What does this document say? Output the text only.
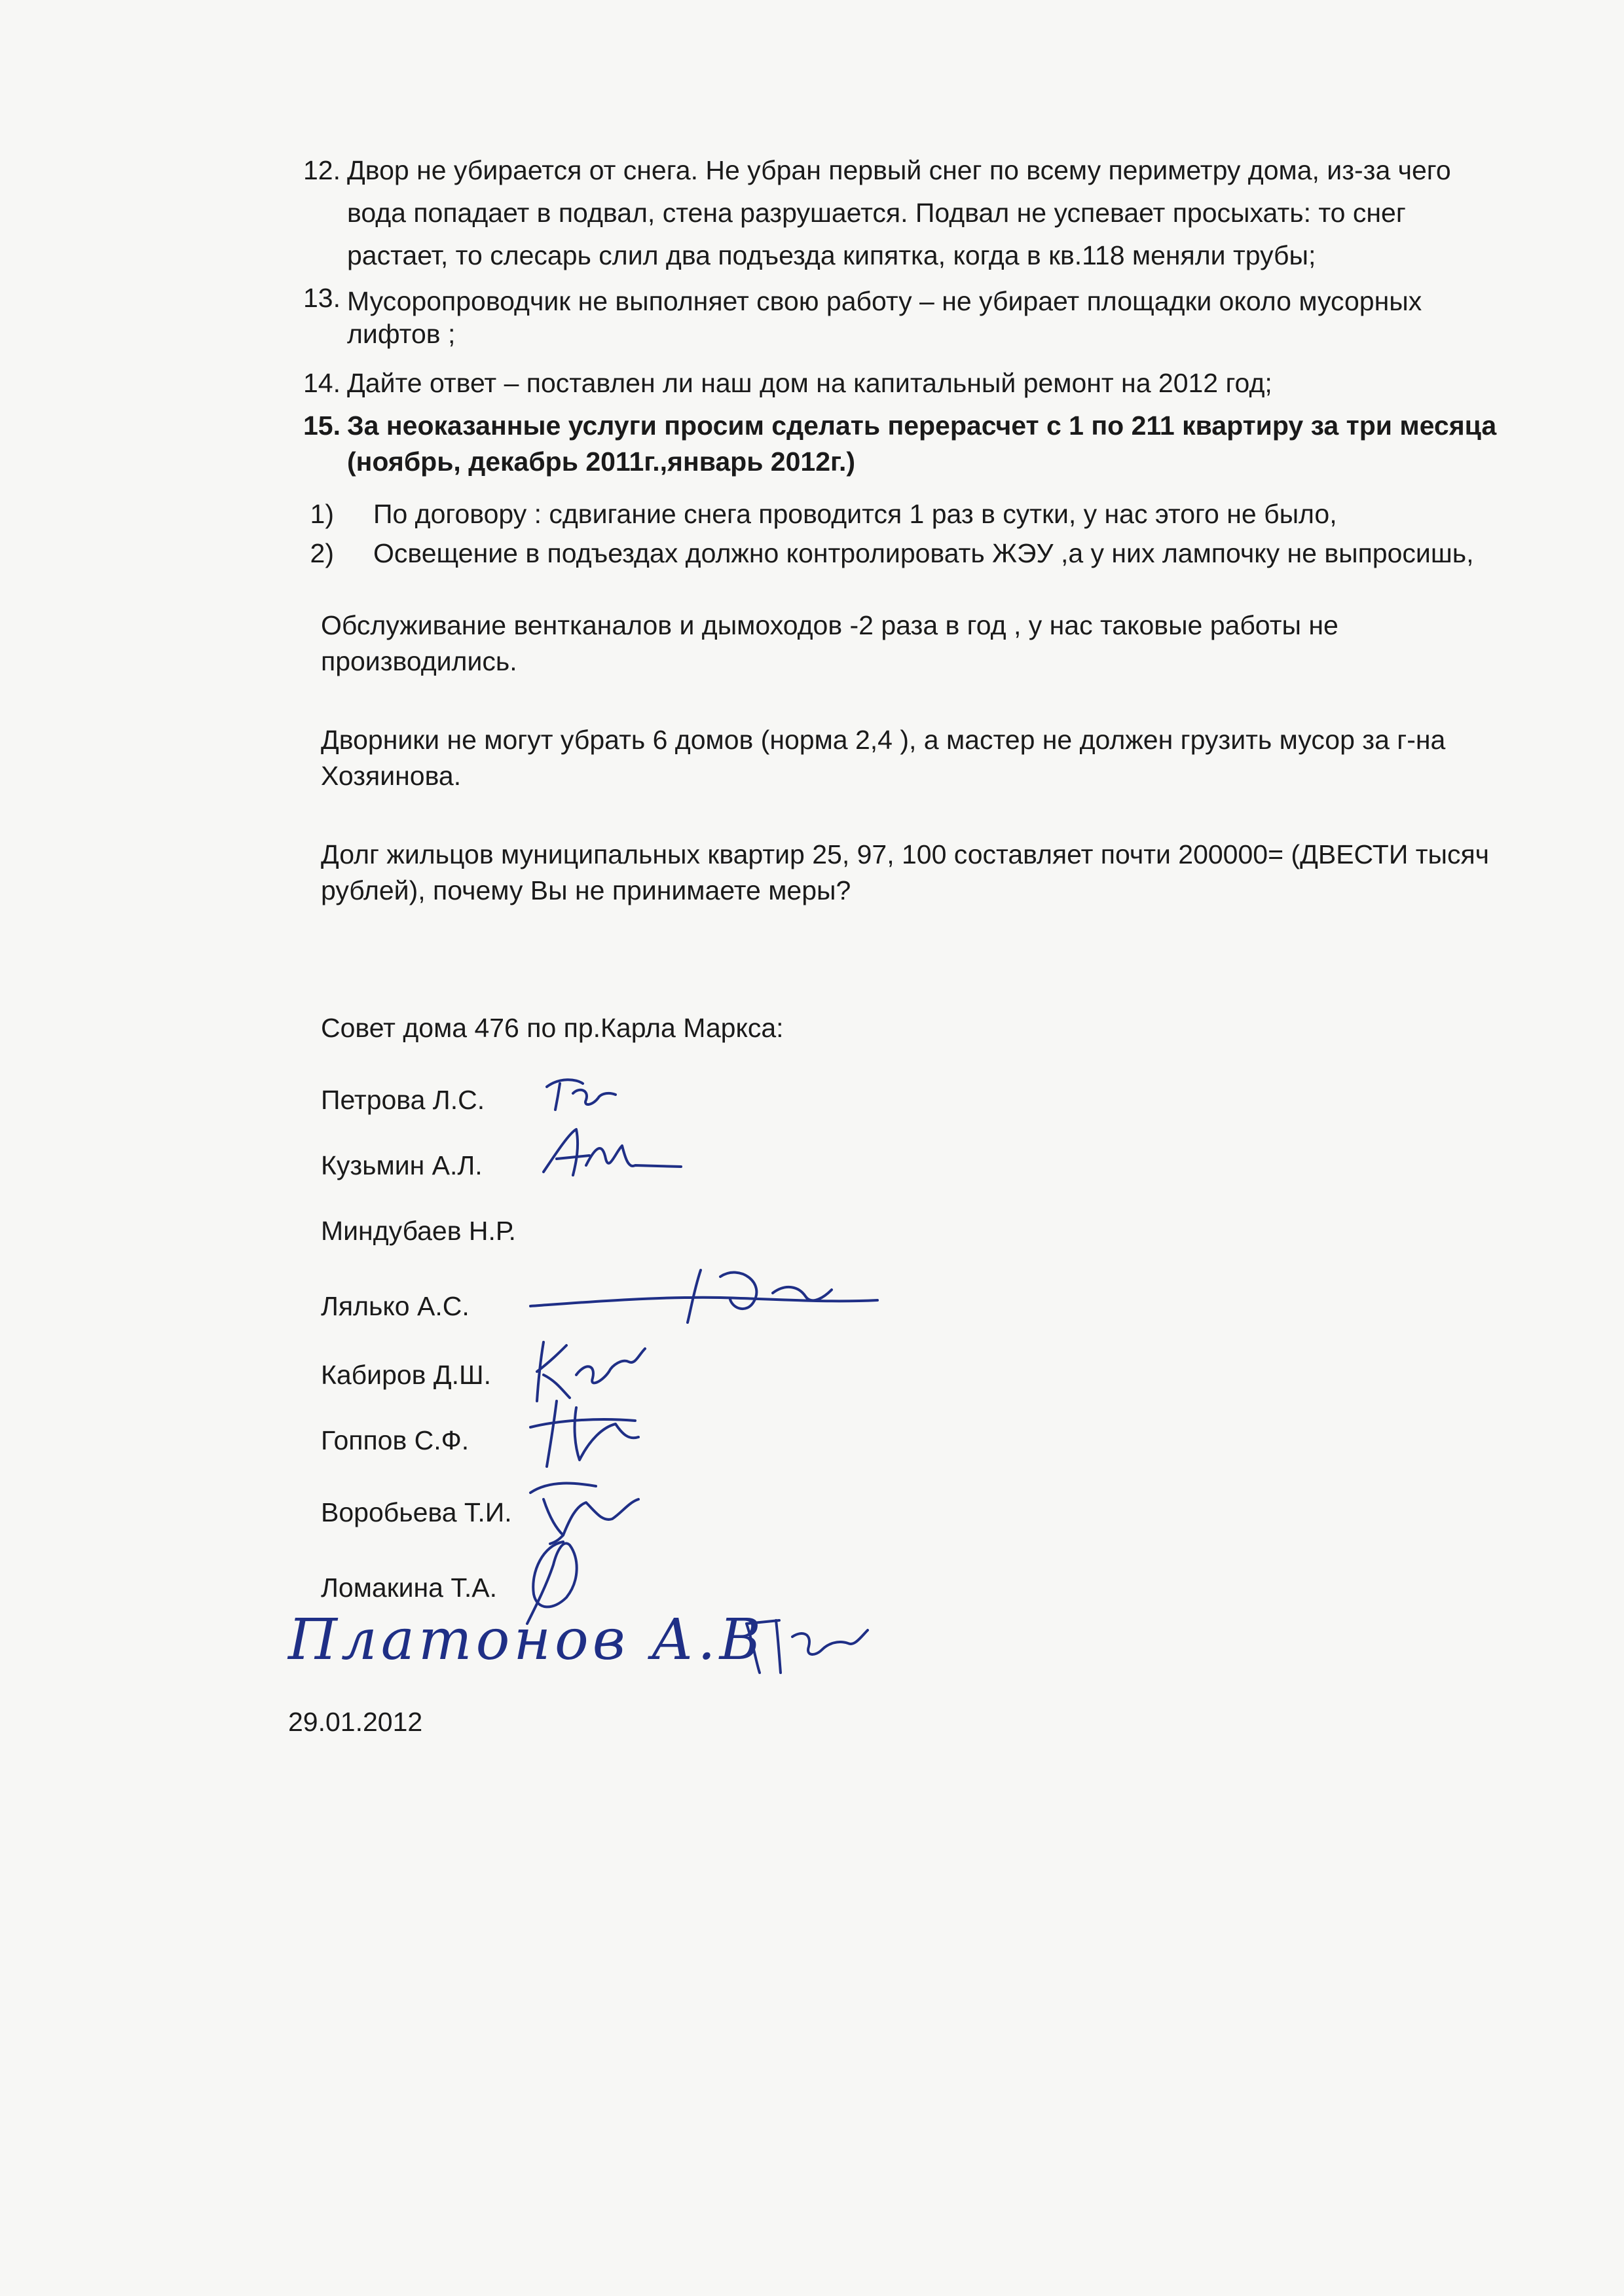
12. Двор не убирается от снега. Не убран первый снег по всему периметру дома, из-за чего
вода попадает в подвал, стена разрушается. Подвал не успевает просыхать: то снег
растает, то слесарь слил два подъезда кипятка, когда в кв.118 меняли трубы;
13. Мусоропроводчик не выполняет свою работу – не убирает площадки около мусорных
лифтов ;
14. Дайте ответ – поставлен ли наш дом на капитальный ремонт на 2012 год;
15. За неоказанные услуги просим сделать перерасчет с 1 по 211 квартиру за три месяца
(ноябрь, декабрь 2011г.,январь 2012г.)
1) По договору : сдвигание снега проводится 1 раз в сутки, у нас этого не было,
2) Освещение в подъездах должно контролировать ЖЭУ ,а у них лампочку не выпросишь,
Обслуживание вентканалов и дымоходов -2 раза в год , у нас таковые работы не
производились.
Дворники не могут убрать 6 домов (норма 2,4 ), а мастер не должен грузить мусор за г-на
Хозяинова.
Долг жильцов муниципальных квартир 25, 97, 100 составляет почти 200000= (ДВЕСТИ тысяч
рублей), почему Вы не принимаете меры?
Совет дома 476 по пр.Карла Маркса:
Петрова Л.С.
Кузьмин А.Л.
Миндубаев Н.Р.
Лялько А.С.
Кабиров Д.Ш.
Гоппов С.Ф.
Воробьева Т.И.
Ломакина Т.А.
Платонов А.В
29.01.2012
